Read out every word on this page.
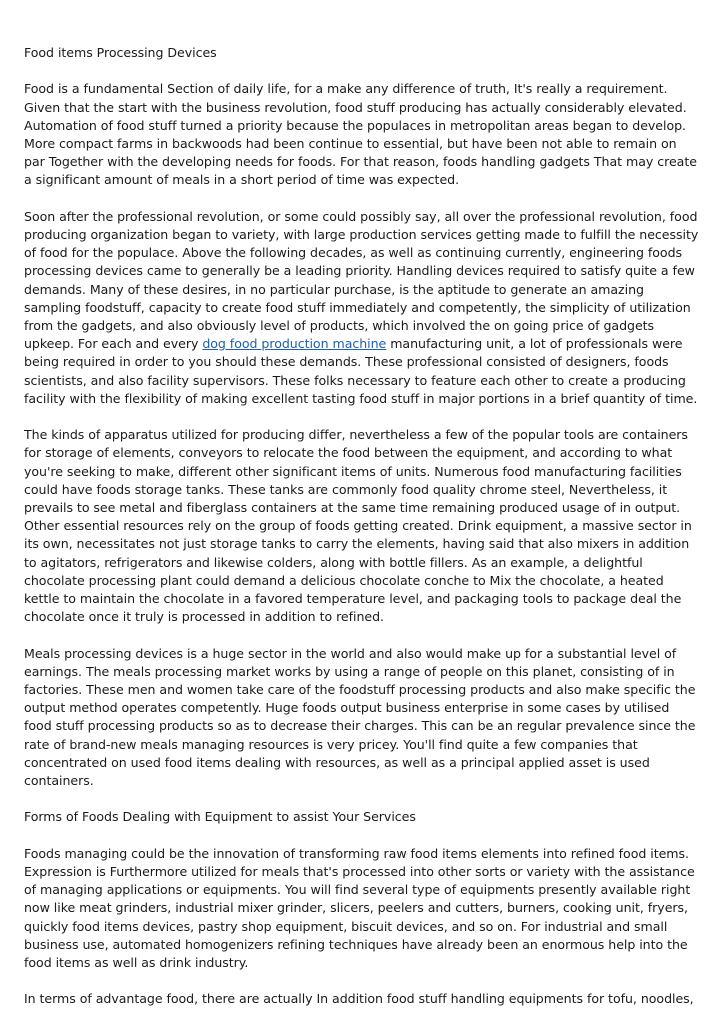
Food items Processing Devices

Food is a fundamental Section of daily life, for a make any difference of truth, It's really a requirement. Given that the start with the business revolution, food stuff producing has actually considerably elevated. Automation of food stuff turned a priority because the populaces in metropolitan areas began to develop. More compact farms in backwoods had been continue to essential, but have been not able to remain on par Together with the developing needs for foods. For that reason, foods handling gadgets That may create a significant amount of meals in a short period of time was expected.

Soon after the professional revolution, or some could possibly say, all over the professional revolution, food producing organization began to variety, with large production services getting made to fulfill the necessity of food for the populace. Above the following decades, as well as continuing currently, engineering foods processing devices came to generally be a leading priority. Handling devices required to satisfy quite a few demands. Many of these desires, in no particular purchase, is the aptitude to generate an amazing sampling foodstuff, capacity to create food stuff immediately and competently, the simplicity of utilization from the gadgets, and also obviously level of products, which involved the on going price of gadgets upkeep. For each and every dog food production machine manufacturing unit, a lot of professionals were being required in order to you should these demands. These professional consisted of designers, foods scientists, and also facility supervisors. These folks necessary to feature each other to create a producing facility with the flexibility of making excellent tasting food stuff in major portions in a brief quantity of time.

The kinds of apparatus utilized for producing differ, nevertheless a few of the popular tools are containers for storage of elements, conveyors to relocate the food between the equipment, and according to what you're seeking to make, different other significant items of units. Numerous food manufacturing facilities could have foods storage tanks. These tanks are commonly food quality chrome steel, Nevertheless, it prevails to see metal and fiberglass containers at the same time remaining produced usage of in output. Other essential resources rely on the group of foods getting created. Drink equipment, a massive sector in its own, necessitates not just storage tanks to carry the elements, having said that also mixers in addition to agitators, refrigerators and likewise colders, along with bottle fillers. As an example, a delightful chocolate processing plant could demand a delicious chocolate conche to Mix the chocolate, a heated kettle to maintain the chocolate in a favored temperature level, and packaging tools to package deal the chocolate once it truly is processed in addition to refined.

Meals processing devices is a huge sector in the world and also would make up for a substantial level of earnings. The meals processing market works by using a range of people on this planet, consisting of in factories. These men and women take care of the foodstuff processing products and also make specific the output method operates competently. Huge foods output business enterprise in some cases by utilised food stuff processing products so as to decrease their charges. This can be an regular prevalence since the rate of brand-new meals managing resources is very pricey. You'll find quite a few companies that concentrated on used food items dealing with resources, as well as a principal applied asset is used containers.

Forms of Foods Dealing with Equipment to assist Your Services

Foods managing could be the innovation of transforming raw food items elements into refined food items. Expression is Furthermore utilized for meals that's processed into other sorts or variety with the assistance of managing applications or equipments. You will find several type of equipments presently available right now like meat grinders, industrial mixer grinder, slicers, peelers and cutters, burners, cooking unit, fryers, quickly food items devices, pastry shop equipment, biscuit devices, and so on. For industrial and small business use, automated homogenizers refining techniques have already been an enormous help into the food items as well as drink industry.

In terms of advantage food, there are actually In addition food stuff handling equipments for tofu, noodles,
